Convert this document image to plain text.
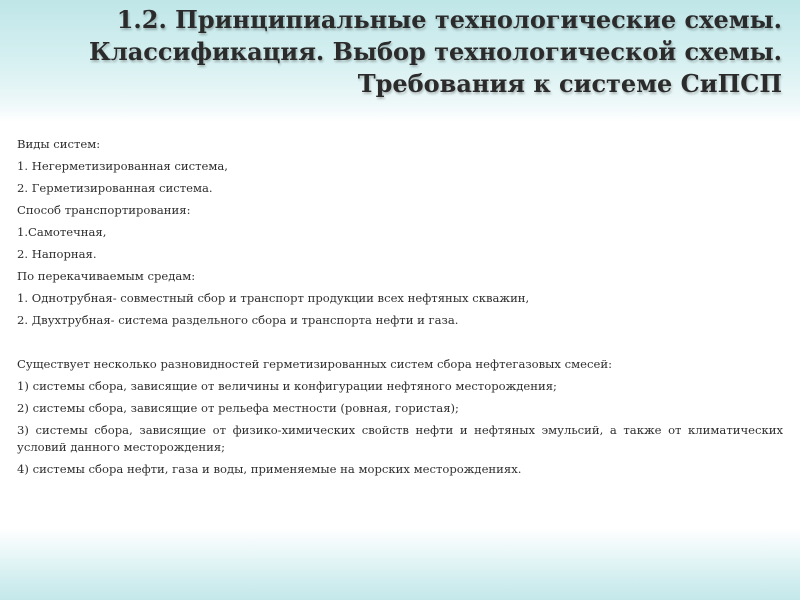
1.2. Принципиальные технологические схемы. Классификация. Выбор технологической схемы. Требования к системе СиПСП

Виды систем:

1. Негерметизированная система,

2. Герметизированная система.

Способ транспортирования:

1.Самотечная,

2. Напорная.

По перекачиваемым средам:

1. Однотрубная- совместный сбор и транспорт продукции всех нефтяных скважин,

2. Двухтрубная- система раздельного сбора и транспорта нефти и газа.

Существует несколько разновидностей герметизированных систем сбора нефтегазовых смесей:

1) системы сбора, зависящие от величины и конфигурации нефтяного месторождения;

2) системы сбора, зависящие от рельефа местности (ровная, гористая);

3) системы сбора, зависящие от физико-химических свойств нефти и нефтяных эмульсий, а также от климатических условий данного месторождения;

4) системы сбора нефти, газа и воды, применяемые на морских месторождениях.
